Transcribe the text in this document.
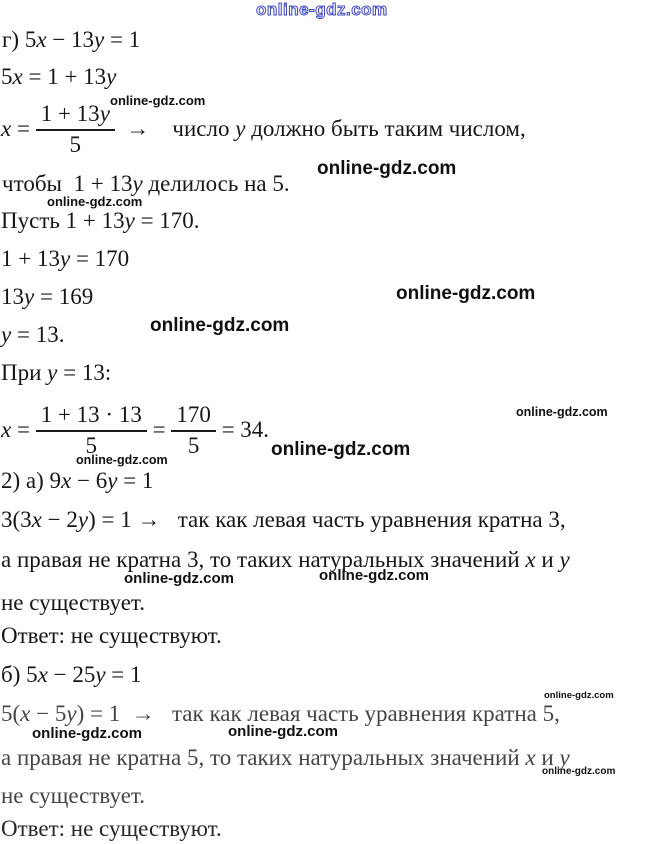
online-gdz.com
online-gdz.com
online-gdz.com
online-gdz.com
online-gdz.com
online-gdz.com
online-gdz.com
online-gdz.com
online-gdz.com
online-gdz.com	online-gdz.com
online-gdz.com
online-gdz.com	online-gdz.com
online-gdz.com
г) 5x − 13y = 1
5x = 1 + 13y
$x = \frac{1 + 13y}{5}$ →    число y должно быть таким числом,
чтобы  1 + 13y делилось на 5.
Пусть 1 + 13y = 170.
1 + 13y = 170
13y = 169
y = 13.
При y = 13:
$x = \frac{1 + 13 \cdot 13}{5} = \frac{170}{5} = 34$.
2) а) 9x − 6y = 1
3(3x − 2y) = 1 →   так как левая часть уравнения кратна 3,
а правая не кратна 3, то таких натуральных значений x и y
не существует.
Ответ: не существуют.
б) 5x − 25y = 1
5(x − 5y) = 1  →   так как левая часть уравнения кратна 5,
а правая не кратна 5, то таких натуральных значений x и y
не существует.
Ответ: не существуют.
